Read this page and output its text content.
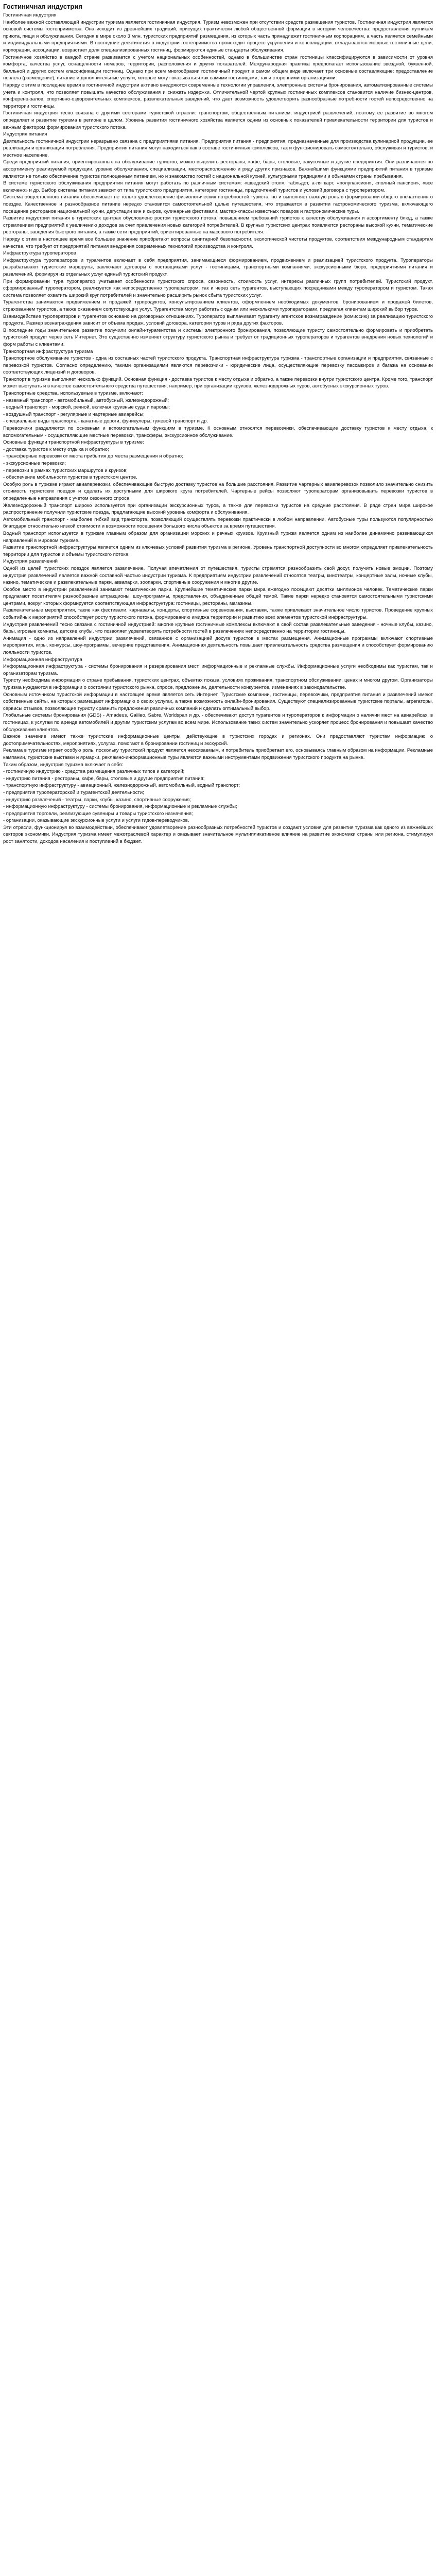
Гостиничная индустрия
Гостиничная индустрия

Наиболее важной составляющей индустрии туризма является гостиничная индустрия. Туризм невозможен при отсутствии средств размещения туристов. Гостиничная индустрия является основой системы гостеприимства. Она исходит из древнейших традиций, присущих практически любой общественной формации в истории человечества: предоставления путникам приюта, пищи и обслуживания. Сегодня в мире около 3 млн. туристских предприятий размещения, из которых часть принадлежит гостиничным корпорациям, а часть является семейными и индивидуальными предприятиями. В последние десятилетия в индустрии гостеприимства происходит процесс укрупнения и консолидации: складываются мощные гостиничные цепи, корпорации, ассоциации, возрастает доля специализированных гостиниц, формируются единые стандарты обслуживания.

Гостиничное хозяйство в каждой стране развивается с учетом национальных особенностей, однако в большинстве стран гостиницы классифицируются в зависимости от уровня комфорта, качества услуг, оснащенности номеров, территории, расположения и других показателей. Международная практика предполагает использование звездной, буквенной, балльной и других систем классификации гостиниц. Однако при всем многообразии гостиничный продукт в самом общем виде включает три основные составляющие: предоставление ночлега (размещение), питание и дополнительные услуги, которые могут оказываться как самими гостиницами, так и сторонними организациями.

Наряду с этим в последнее время в гостиничной индустрии активно внедряются современные технологии управления, электронные системы бронирования, автоматизированные системы учета и контроля, что позволяет повышать качество обслуживания и снижать издержки. Отличительной чертой крупных гостиничных комплексов становится наличие бизнес-центров, конференц-залов, спортивно-оздоровительных комплексов, развлекательных заведений, что дает возможность удовлетворять разнообразные потребности гостей непосредственно на территории гостиницы.

Гостиничная индустрия тесно связана с другими секторами туристской отрасли: транспортом, общественным питанием, индустрией развлечений, поэтому ее развитие во многом определяет и развитие туризма в регионе в целом. Уровень развития гостиничного хозяйства является одним из основных показателей привлекательности территории для туристов и важным фактором формирования туристского потока.

Индустрия питания

Деятельность гостиничной индустрии неразрывно связана с предприятиями питания. Предприятия питания - предприятия, предназначенные для производства кулинарной продукции, ее реализации и организации потребления. Предприятия питания могут находиться как в составе гостиничных комплексов, так и функционировать самостоятельно, обслуживая и туристов, и местное население.

Среди предприятий питания, ориентированных на обслуживание туристов, можно выделить рестораны, кафе, бары, столовые, закусочные и другие предприятия. Они различаются по ассортименту реализуемой продукции, уровню обслуживания, специализации, месторасположению и ряду других признаков. Важнейшими функциями предприятий питания в туризме являются не только обеспечение туристов полноценным питанием, но и знакомство гостей с национальной кухней, культурными традициями и обычаями страны пребывания.

В системе туристского обслуживания предприятия питания могут работать по различным системам: «шведский стол», табльдот, а-ля карт, «полупансион», «полный пансион», «все включено» и др. Выбор системы питания зависит от типа туристского предприятия, категории гостиницы, предпочтений туристов и условий договора с туроператором.

Система общественного питания обеспечивает не только удовлетворение физиологических потребностей туриста, но и выполняет важную роль в формировании общего впечатления о поездке. Качественное и разнообразное питание нередко становится самостоятельной целью путешествия, что отражается в развитии гастрономического туризма, включающего посещение ресторанов национальной кухни, дегустации вин и сыров, кулинарные фестивали, мастер-классы известных поваров и гастрономические туры.

Развитие индустрии питания в туристских центрах обусловлено ростом туристского потока, повышением требований туристов к качеству обслуживания и ассортименту блюд, а также стремлением предприятий к увеличению доходов за счет привлечения новых категорий потребителей. В крупных туристских центрах появляются рестораны высокой кухни, тематические рестораны, заведения быстрого питания, а также сети предприятий, ориентированные на массового потребителя.

Наряду с этим в настоящее время все большее значение приобретают вопросы санитарной безопасности, экологической чистоты продуктов, соответствия международным стандартам качества, что требует от предприятий питания внедрения современных технологий производства и контроля.

Инфраструктура туроператоров

Инфраструктура туроператоров и турагентов включает в себя предприятия, занимающиеся формированием, продвижением и реализацией туристского продукта. Туроператоры разрабатывают туристские маршруты, заключают договоры с поставщиками услуг - гостиницами, транспортными компаниями, экскурсионными бюро, предприятиями питания и развлечений, формируя из отдельных услуг единый туристский продукт.

При формировании тура туроператор учитывает особенности туристского спроса, сезонность, стоимость услуг, интересы различных групп потребителей. Туристский продукт, сформированный туроператором, реализуется как непосредственно туроператором, так и через сеть турагентов, выступающих посредниками между туроператором и туристом. Такая система позволяет охватить широкий круг потребителей и значительно расширить рынок сбыта туристских услуг.

Турагентства занимаются продвижением и продажей турпродуктов, консультированием клиентов, оформлением необходимых документов, бронированием и продажей билетов, страхованием туристов, а также оказанием сопутствующих услуг. Турагентства могут работать с одним или несколькими туроператорами, предлагая клиентам широкий выбор туров.

Взаимодействие туроператоров и турагентов основано на договорных отношениях. Туроператор выплачивает турагенту агентское вознаграждение (комиссию) за реализацию туристского продукта. Размер вознаграждения зависит от объема продаж, условий договора, категории туров и ряда других факторов.

В последние годы значительное развитие получили онлайн-турагентства и системы электронного бронирования, позволяющие туристу самостоятельно формировать и приобретать туристский продукт через сеть Интернет. Это существенно изменяет структуру туристского рынка и требует от традиционных туроператоров и турагентов внедрения новых технологий и форм работы с клиентами.

Транспортная инфраструктура туризма

Транспортное обслуживание туристов - одна из составных частей туристского продукта. Транспортная инфраструктура туризма - транспортные организации и предприятия, связанные с перевозкой туристов. Согласно определению, такими организациями являются перевозчики - юридические лица, осуществляющие перевозку пассажиров и багажа на основании соответствующих лицензий и договоров.

Транспорт в туризме выполняет несколько функций. Основная функция - доставка туристов к месту отдыха и обратно, а также перевозки внутри туристского центра. Кроме того, транспорт может выступать и в качестве самостоятельного средства путешествия, например, при организации круизов, железнодорожных туров, автобусных экскурсионных туров.

Транспортные средства, используемые в туризме, включают:

- наземный транспорт - автомобильный, автобусный, железнодорожный;
- водный транспорт - морской, речной, включая круизные суда и паромы;
- воздушный транспорт - регулярные и чартерные авиарейсы;
- специальные виды транспорта - канатные дороги, фуникулеры, гужевой транспорт и др.

Перевозчики разделяются по основным и вспомогательным функциям в туризме. К основным относятся перевозчики, обеспечивающие доставку туристов к месту отдыха, к вспомогательным - осуществляющие местные перевозки, трансферы, экскурсионное обслуживание.

Основные функции транспортной инфраструктуры в туризме:

- доставка туристов к месту отдыха и обратно;
- трансферные перевозки от места прибытия до места размещения и обратно;
- экскурсионные перевозки;
- перевозки в рамках туристских маршрутов и круизов;
- обеспечение мобильности туристов в туристском центре.

Особую роль в туризме играют авиаперевозки, обеспечивающие быструю доставку туристов на большие расстояния. Развитие чартерных авиаперевозок позволило значительно снизить стоимость туристских поездок и сделать их доступными для широкого круга потребителей. Чартерные рейсы позволяют туроператорам организовывать перевозки туристов в определенные направления с учетом сезонного спроса.

Железнодорожный транспорт широко используется при организации экскурсионных туров, а также для перевозки туристов на средние расстояния. В ряде стран мира широкое распространение получили туристские поезда, предлагающие высокий уровень комфорта и обслуживания.

Автомобильный транспорт - наиболее гибкий вид транспорта, позволяющий осуществлять перевозки практически в любом направлении. Автобусные туры пользуются популярностью благодаря относительно низкой стоимости и возможности посещения большого числа объектов за время путешествия.

Водный транспорт используется в туризме главным образом для организации морских и речных круизов. Круизный туризм является одним из наиболее динамично развивающихся направлений в мировом туризме.

Развитие транспортной инфраструктуры является одним из ключевых условий развития туризма в регионе. Уровень транспортной доступности во многом определяет привлекательность территории для туристов и объемы туристского потока.

Индустрия развлечений

Одной из целей туристских поездок является развлечение. Получая впечатления от путешествия, туристы стремятся разнообразить свой досуг, получить новые эмоции. Поэтому индустрия развлечений является важной составной частью индустрии туризма. К предприятиям индустрии развлечений относятся театры, кинотеатры, концертные залы, ночные клубы, казино, тематические и развлекательные парки, аквапарки, зоопарки, спортивные сооружения и многие другие.

Особое место в индустрии развлечений занимают тематические парки. Крупнейшие тематические парки мира ежегодно посещают десятки миллионов человек. Тематические парки предлагают посетителям разнообразные аттракционы, шоу-программы, представления, объединенные общей темой. Такие парки нередко становятся самостоятельными туристскими центрами, вокруг которых формируется соответствующая инфраструктура: гостиницы, рестораны, магазины.

Развлекательные мероприятия, такие как фестивали, карнавалы, концерты, спортивные соревнования, выставки, также привлекают значительное число туристов. Проведение крупных событийных мероприятий способствует росту туристского потока, формированию имиджа территории и развитию всех элементов туристской инфраструктуры.

Индустрия развлечений тесно связана с гостиничной индустрией: многие крупные гостиничные комплексы включают в свой состав развлекательные заведения - ночные клубы, казино, бары, игровые комнаты, детские клубы, что позволяет удовлетворять потребности гостей в развлечениях непосредственно на территории гостиницы.

Анимация - одно из направлений индустрии развлечений, связанное с организацией досуга туристов в местах размещения. Анимационные программы включают спортивные мероприятия, игры, конкурсы, шоу-программы, вечерние представления. Анимационная деятельность повышает привлекательность средства размещения и способствует формированию лояльности туристов.

Информационная инфраструктура

Информационная инфраструктура - системы бронирования и резервирования мест, информационные и рекламные службы. Информационные услуги необходимы как туристам, так и организаторам туризма.

Туристу необходима информация о стране пребывания, туристских центрах, объектах показа, условиях проживания, транспортном обслуживании, ценах и многом другом. Организаторы туризма нуждаются в информации о состоянии туристского рынка, спросе, предложении, деятельности конкурентов, изменениях в законодательстве.

Основным источником туристской информации в настоящее время является сеть Интернет. Туристские компании, гостиницы, перевозчики, предприятия питания и развлечений имеют собственные сайты, на которых размещают информацию о своих услугах, а также возможность онлайн-бронирования. Существуют специализированные туристские порталы, агрегаторы, сервисы отзывов, позволяющие туристу сравнить предложения различных компаний и сделать оптимальный выбор.

Глобальные системы бронирования (GDS) - Amadeus, Galileo, Sabre, Worldspan и др. - обеспечивают доступ турагентов и туроператоров к информации о наличии мест на авиарейсах, в гостиницах, к услугам по аренде автомобилей и другим туристским услугам во всем мире. Использование таких систем значительно ускоряет процесс бронирования и повышает качество обслуживания клиентов.

Важное значение имеют также туристские информационные центры, действующие в туристских городах и регионах. Они предоставляют туристам информацию о достопримечательностях, мероприятиях, услугах, помогают в бронировании гостиниц и экскурсий.

Реклама в туризме играет особую роль, поскольку туристский продукт является неосязаемым, и потребитель приобретает его, основываясь главным образом на информации. Рекламные кампании, туристские выставки и ярмарки, рекламно-информационные туры являются важными инструментами продвижения туристского продукта на рынке.

Таким образом, индустрия туризма включает в себя:

- гостиничную индустрию - средства размещения различных типов и категорий;
- индустрию питания - рестораны, кафе, бары, столовые и другие предприятия питания;
- транспортную инфраструктуру - авиационный, железнодорожный, автомобильный, водный транспорт;
- предприятия туроператорской и турагентской деятельности;
- индустрию развлечений - театры, парки, клубы, казино, спортивные сооружения;
- информационную инфраструктуру - системы бронирования, информационные и рекламные службы;
- предприятия торговли, реализующие сувениры и товары туристского назначения;
- организации, оказывающие экскурсионные услуги и услуги гидов-переводчиков.

Эти отрасли, функционируя во взаимодействии, обеспечивают удовлетворение разнообразных потребностей туристов и создают условия для развития туризма как одного из важнейших секторов экономики. Индустрия туризма имеет межотраслевой характер и оказывает значительное мультипликативное влияние на развитие экономики страны или региона, стимулируя рост занятости, доходов населения и поступлений в бюджет.
